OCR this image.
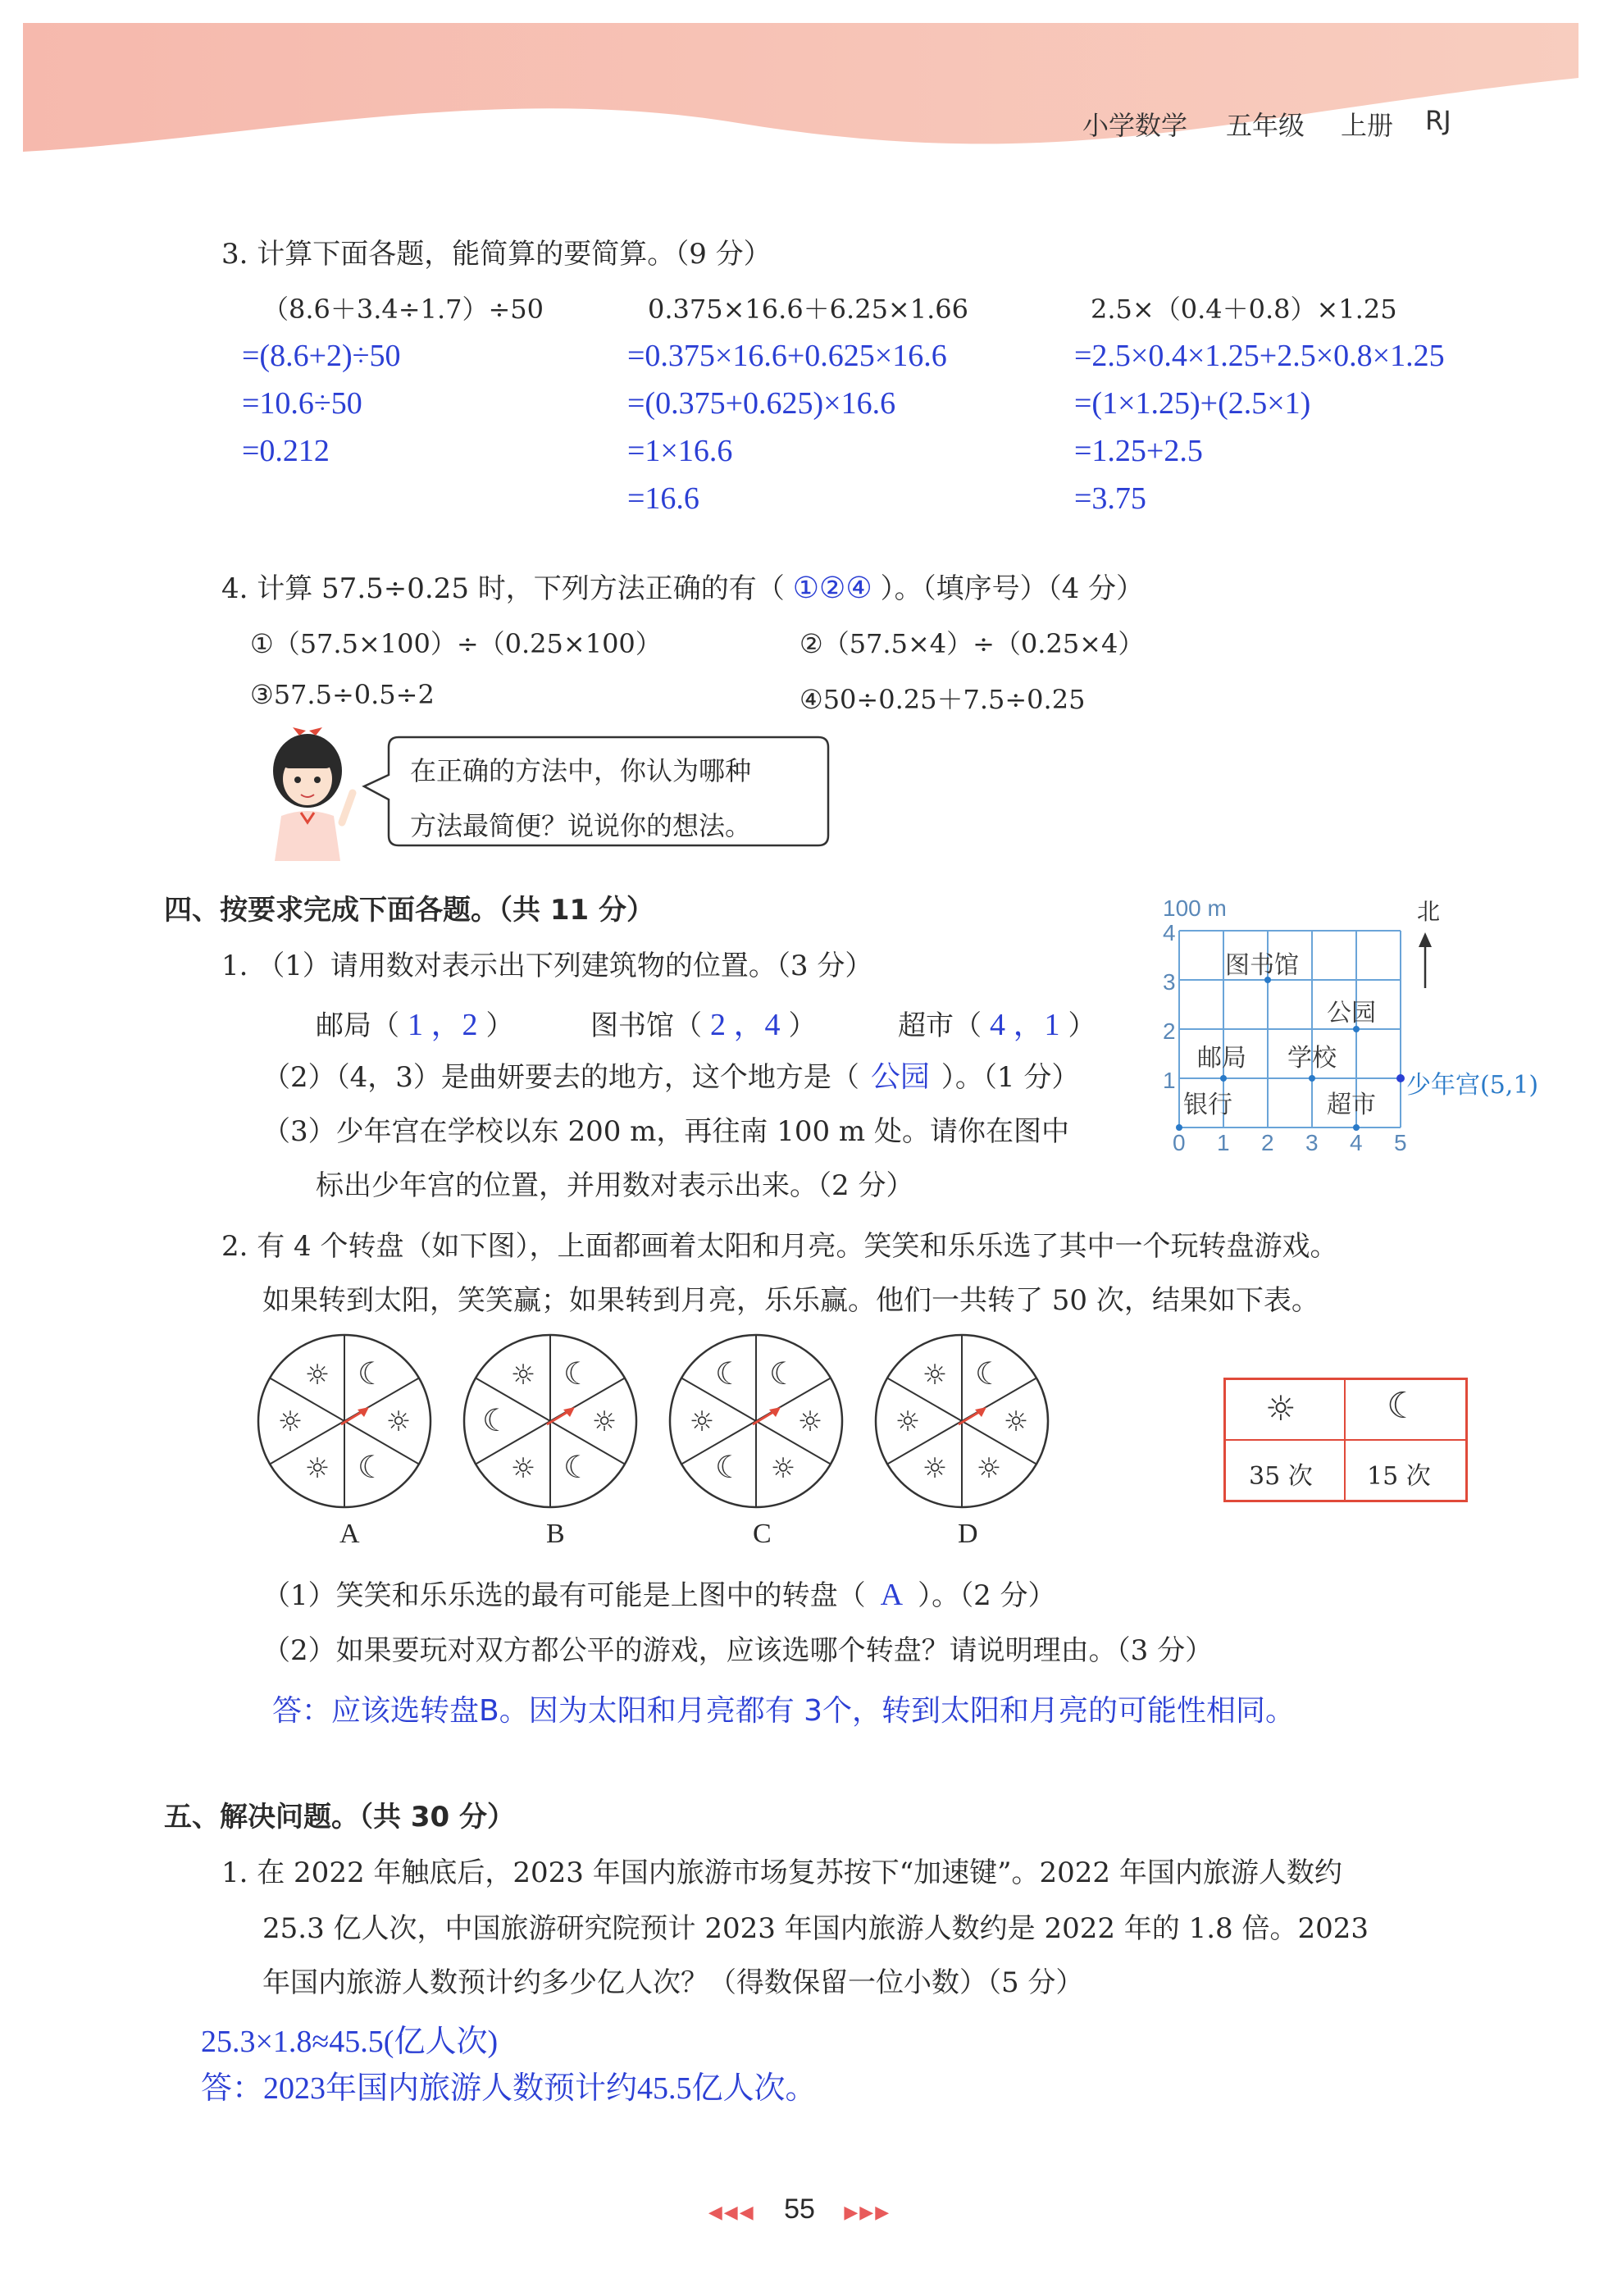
小学数学 五年级 上册 RJ
3. 计算下面各题，能简算的要简算。（9 分）
（8.6＋3.4÷1.7）÷50	0.375×16.6＋6.25×1.66	2.5×（0.4＋0.8）×1.25
=(8.6+2)÷50
=10.6÷50
=0.212
=0.375×16.6+0.625×16.6
=(0.375+0.625)×16.6
=1×16.6
=16.6
=2.5×0.4×1.25+2.5×0.8×1.25
=(1×1.25)+(2.5×1)
=1.25+2.5
=3.75
4. 计算 57.5÷0.25 时，下列方法正确的有（ ①②④ ）。（填序号）（4 分）
①（57.5×100）÷（0.25×100）	②（57.5×4）÷（0.25×4）
③57.5÷0.5÷2	④50÷0.25＋7.5÷0.25
在正确的方法中，你认为哪种
方法最简便？说说你的想法。
四、按要求完成下面各题。（共 11 分）
1. （1）请用数对表示出下列建筑物的位置。（3 分）
邮局（ 1 ，2 ）	图书馆（ 2 ，4 ）	超市（ 4 ，1 ）
（2）（4，3）是曲妍要去的地方，这个地方是（ 公园 ）。（1 分）
（3）少年宫在学校以东 200 m，再往南 100 m 处。请你在图中
标出少年宫的位置，并用数对表示出来。（2 分）
100 m	北
1
2
3
4
0 1 2 3 4 5
图书馆
公园
邮局 学校
银行	超市
少年宫(5,1)
2. 有 4 个转盘（如下图），上面都画着太阳和月亮。笑笑和乐乐选了其中一个玩转盘游戏。
如果转到太阳，笑笑赢；如果转到月亮，乐乐赢。他们一共转了 50 次，结果如下表。
☾
☼
☾
☼
☼
☼	☾
☼
☾
☼
☾
☼	☾
☼
☼
☾
☼
☾	☾
☼
☼
☼
☼
☼
A	B	C	D
☼	☾
35 次 15 次
（1）笑笑和乐乐选的最有可能是上图中的转盘（ A ）。（2 分）
（2）如果要玩对双方都公平的游戏，应该选哪个转盘？请说明理由。（3 分）
答：应该选转盘B。因为太阳和月亮都有 3个，转到太阳和月亮的可能性相同。
五、解决问题。（共 30 分）
1. 在 2022 年触底后，2023 年国内旅游市场复苏按下“加速键”。2022 年国内旅游人数约
25.3 亿人次，中国旅游研究院预计 2023 年国内旅游人数约是 2022 年的 1.8 倍。2023
年国内旅游人数预计约多少亿人次？（得数保留一位小数）（5 分）
25.3×1.8≈45.5(亿人次)
答：2023年国内旅游人数预计约45.5亿人次。
◀◀◀ 55 ▶▶▶
